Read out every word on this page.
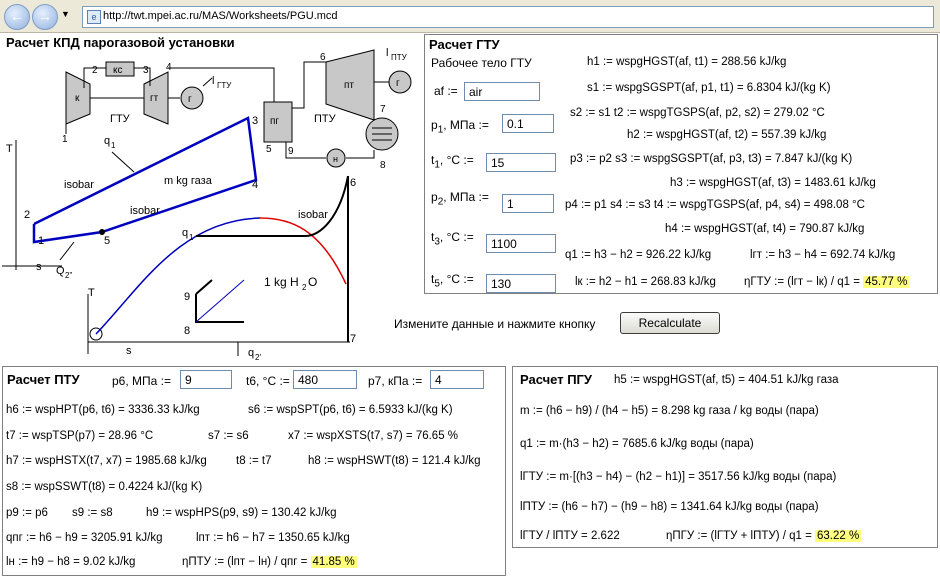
←	→	▼	e http://twt.mpei.ac.ru/MAS/Worksheets/PGU.mcd
Расчет КПД парогазовой установки
к
кс
2	3
гт
4
г
ГТУ
l ГТУ
1
пг	ПТУ
5
6
пт	г
l ПТУ
7
8
н
9
T
s
q 1
isobar	m kg газа
isobar
1
2
3
4
5
Q 2"
T
s
q 1
isobar
6
7
8
9
1 kg H 2 O
q 2'
Расчет ГТУ
Рабочее тело ГТУ
af := air
$p_1$, МПа :=	0.1
$t_1$, °С :=	15
$p_2$, МПа :=	1
$t_3$, °С :=	1100
$t_5$, °С :=	130
h1 := wspgHGST(af, t1) = 288.56 kJ/kg
s1 := wspgSGSPT(af, p1, t1) = 6.8304 kJ/(kg K)
s2 := s1 t2 := wspgTGSPS(af, p2, s2) = 279.02 °C
h2 := wspgHGST(af, t2) = 557.39 kJ/kg
p3 := p2 s3 := wspgSGSPT(af, p3, t3) = 7.847 kJ/(kg K)
h3 := wspgHGST(af, t3) = 1483.61 kJ/kg
p4 := p1 s4 := s3 t4 := wspgTGSPS(af, p4, s4) = 498.08 °C
h4 := wspgHGST(af, t4) = 790.87 kJ/kg
q1 := h3 − h2 = 926.22 kJ/kg	lгт := h3 − h4 = 692.74 kJ/kg
lк := h2 − h1 = 268.83 kJ/kg ηГТУ := (lгт − lк) / q1 = 45.77 %
Измените данные и нажмите кнопку	Recalculate
Расчет ПТУ	p6, МПа :=	9	t6, °С := 480	p7, кПа :=	4
h6 := wspHPT(p6, t6) = 3336.33 kJ/kg	s6 := wspSPT(p6, t6) = 6.5933 kJ/(kg K)
t7 := wspTSP(p7) = 28.96 °C	s7 := s6	x7 := wspXSTS(t7, s7) = 76.65 %
h7 := wspHSTX(t7, x7) = 1985.68 kJ/kg	t8 := t7	h8 := wspHSWT(t8) = 121.4 kJ/kg
s8 := wspSSWT(t8) = 0.4224 kJ/(kg K)
p9 := p6 s9 := s8	h9 := wspHPS(p9, s9) = 130.42 kJ/kg
qпг := h6 − h9 = 3205.91 kJ/kg	lпт := h6 − h7 = 1350.65 kJ/kg
lн := h9 − h8 = 9.02 kJ/kg	ηПТУ := (lпт − lн) / qпг = 41.85 %
Расчет ПГУ h5 := wspgHGST(af, t5) = 404.51 kJ/kg газа
m := (h6 − h9) / (h4 − h5) = 8.298 kg газа / kg воды (пара)
q1 := m·(h3 − h2) = 7685.6 kJ/kg воды (пара)
lГТУ := m·[(h3 − h4) − (h2 − h1)] = 3517.56 kJ/kg воды (пара)
lПТУ := (h6 − h7) − (h9 − h8) = 1341.64 kJ/kg воды (пара)
lГТУ / lПТУ = 2.622	ηПГУ := (lГТУ + lПТУ) / q1 = 63.22 %
